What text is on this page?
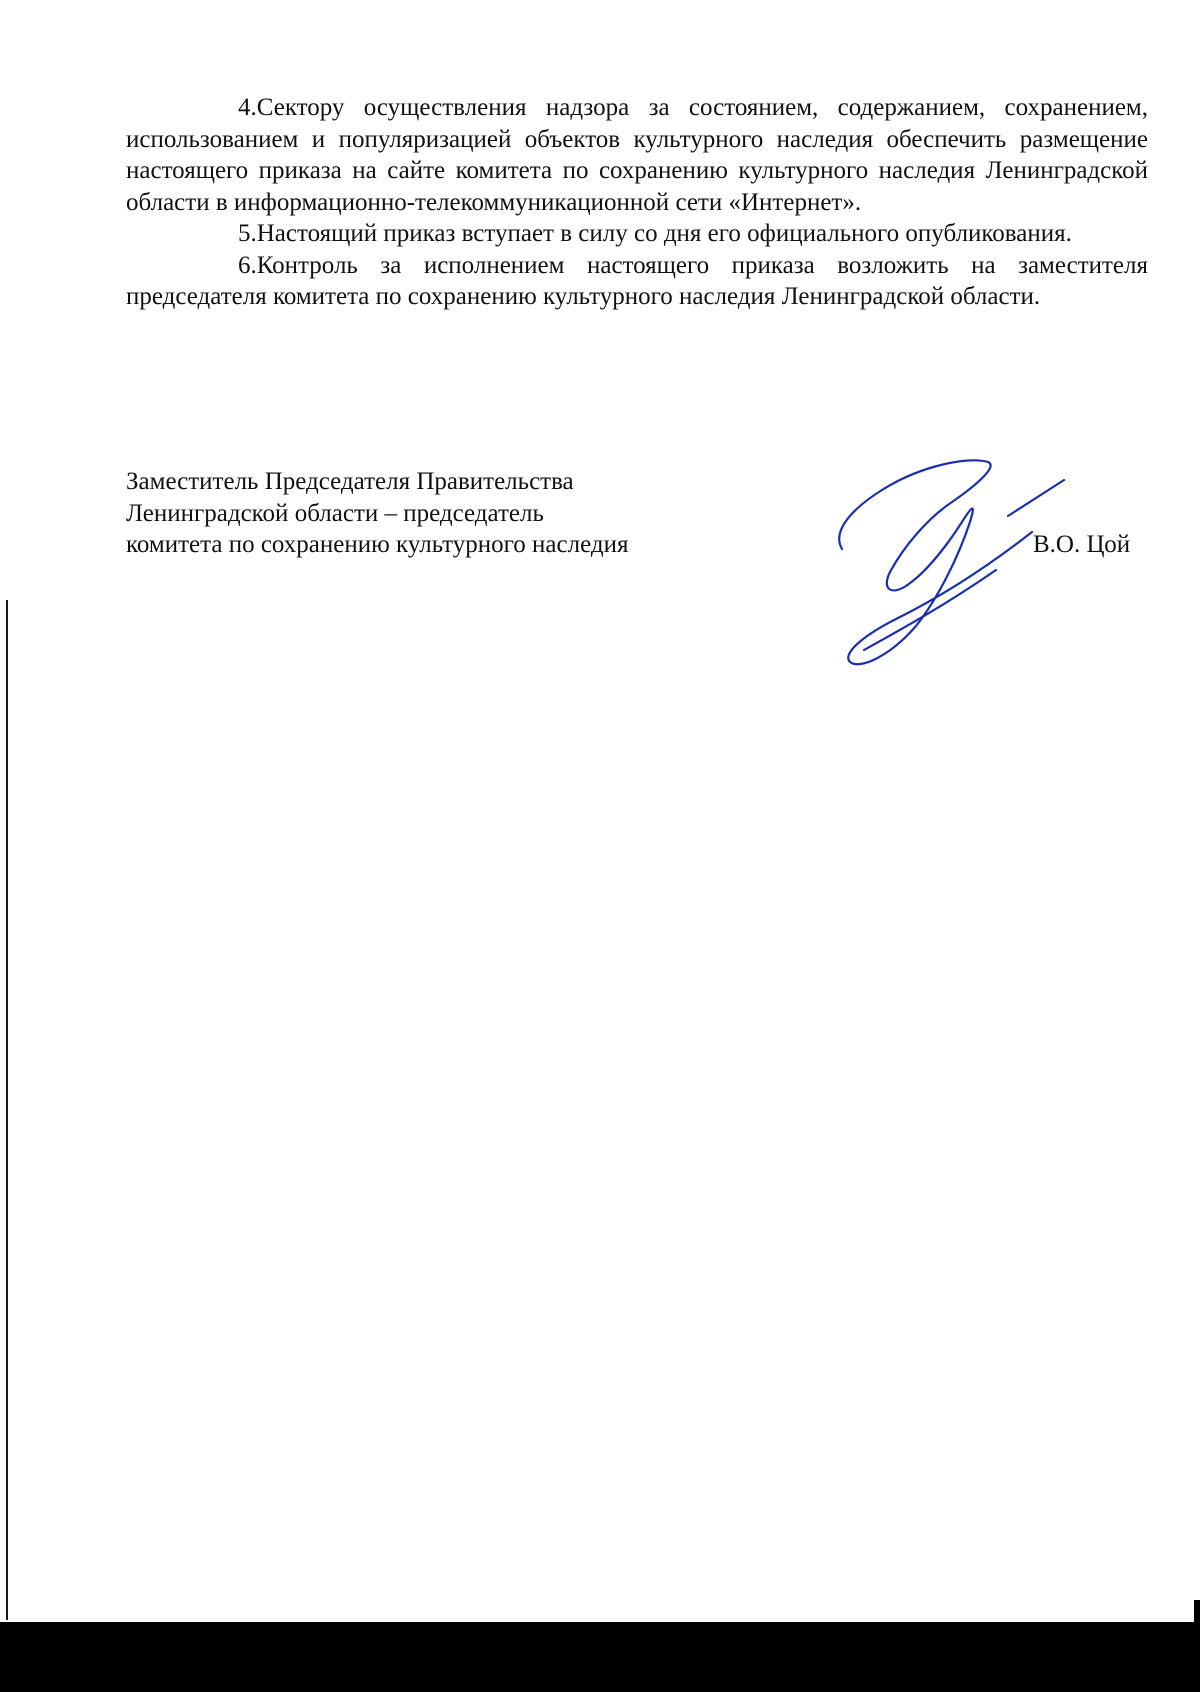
4.Сектору осуществления надзора за состоянием, содержанием, сохранением, использованием и популяризацией объектов культурного наследия обеспечить размещение настоящего приказа на сайте комитета по сохранению культурного наследия Ленинградской области в информационно-телекоммуникационной сети «Интернет».

5.Настоящий приказ вступает в силу со дня его официального опубликования.

6.Контроль за исполнением настоящего приказа возложить на заместителя председателя комитета по сохранению культурного наследия Ленинградской области.

Заместитель Председателя Правительства

Ленинградской области – председатель

комитета по сохранению культурного наследия	В.О. Цой
